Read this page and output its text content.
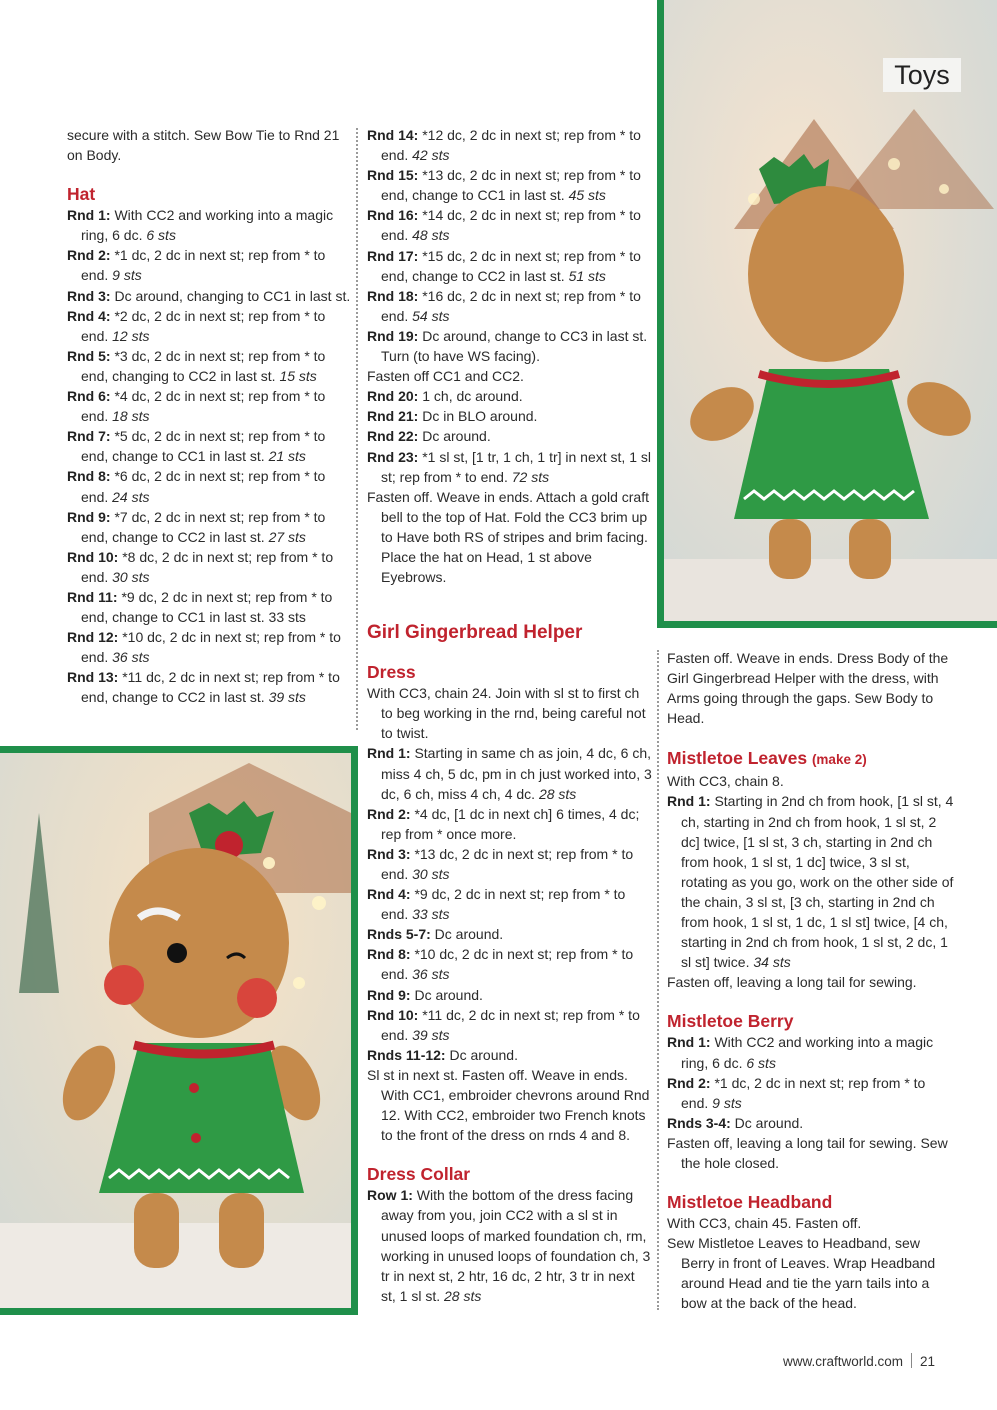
Toys

secure with a stitch. Sew Bow Tie to Rnd 21 on Body.

Hat

Rnd 1: With CC2 and working into a magic ring, 6 dc. 6 sts

Rnd 2: *1 dc, 2 dc in next st; rep from * to end. 9 sts

Rnd 3: Dc around, changing to CC1 in last st.

Rnd 4: *2 dc, 2 dc in next st; rep from * to end. 12 sts

Rnd 5: *3 dc, 2 dc in next st; rep from * to end, changing to CC2 in last st. 15 sts

Rnd 6: *4 dc, 2 dc in next st; rep from * to end. 18 sts

Rnd 7: *5 dc, 2 dc in next st; rep from * to end, change to CC1 in last st. 21 sts

Rnd 8: *6 dc, 2 dc in next st; rep from * to end. 24 sts

Rnd 9: *7 dc, 2 dc in next st; rep from * to end, change to CC2 in last st. 27 sts

Rnd 10: *8 dc, 2 dc in next st; rep from * to end. 30 sts

Rnd 11: *9 dc, 2 dc in next st; rep from * to end, change to CC1 in last st. 33 sts

Rnd 12: *10 dc, 2 dc in next st; rep from * to end. 36 sts

Rnd 13: *11 dc, 2 dc in next st; rep from * to end, change to CC2 in last st. 39 sts

Rnd 14: *12 dc, 2 dc in next st; rep from * to end. 42 sts

Rnd 15: *13 dc, 2 dc in next st; rep from * to end, change to CC1 in last st. 45 sts

Rnd 16: *14 dc, 2 dc in next st; rep from * to end. 48 sts

Rnd 17: *15 dc, 2 dc in next st; rep from * to end, change to CC2 in last st. 51 sts

Rnd 18: *16 dc, 2 dc in next st; rep from * to end. 54 sts

Rnd 19: Dc around, change to CC3 in last st. Turn (to have WS facing).

Fasten off CC1 and CC2.

Rnd 20: 1 ch, dc around.

Rnd 21: Dc in BLO around.

Rnd 22: Dc around.

Rnd 23: *1 sl st, [1 tr, 1 ch, 1 tr] in next st, 1 sl st; rep from * to end. 72 sts

Fasten off. Weave in ends. Attach a gold craft bell to the top of Hat. Fold the CC3 brim up to Have both RS of stripes and brim facing. Place the hat on Head, 1 st above Eyebrows.

Girl Gingerbread Helper

Dress

With CC3, chain 24. Join with sl st to first ch to beg working in the rnd, being careful not to twist.

Rnd 1: Starting in same ch as join, 4 dc, 6 ch, miss 4 ch, 5 dc, pm in ch just worked into, 3 dc, 6 ch, miss 4 ch, 4 dc. 28 sts

Rnd 2: *4 dc, [1 dc in next ch] 6 times, 4 dc; rep from * once more.

Rnd 3: *13 dc, 2 dc in next st; rep from * to end. 30 sts

Rnd 4: *9 dc, 2 dc in next st; rep from * to end. 33 sts

Rnds 5-7: Dc around.

Rnd 8: *10 dc, 2 dc in next st; rep from * to end. 36 sts

Rnd 9: Dc around.

Rnd 10: *11 dc, 2 dc in next st; rep from * to end. 39 sts

Rnds 11-12: Dc around.

Sl st in next st. Fasten off. Weave in ends. With CC1, embroider chevrons around Rnd 12. With CC2, embroider two French knots to the front of the dress on rnds 4 and 8.

Dress Collar

Row 1: With the bottom of the dress facing away from you, join CC2 with a sl st in unused loops of marked foundation ch, rm, working in unused loops of foundation ch, 3 tr in next st, 2 htr, 16 dc, 2 htr, 3 tr in next st, 1 sl st. 28 sts

Fasten off. Weave in ends. Dress Body of the Girl Gingerbread Helper with the dress, with Arms going through the gaps. Sew Body to Head.

Mistletoe Leaves (make 2)

With CC3, chain 8.

Rnd 1: Starting in 2nd ch from hook, [1 sl st, 4 ch, starting in 2nd ch from hook, 1 sl st, 2 dc] twice, [1 sl st, 3 ch, starting in 2nd ch from hook, 1 sl st, 1 dc] twice, 3 sl st, rotating as you go, work on the other side of the chain, 3 sl st, [3 ch, starting in 2nd ch from hook, 1 sl st, 1 dc, 1 sl st] twice, [4 ch, starting in 2nd ch from hook, 1 sl st, 2 dc, 1 sl st] twice. 34 sts

Fasten off, leaving a long tail for sewing.

Mistletoe Berry

Rnd 1: With CC2 and working into a magic ring, 6 dc. 6 sts

Rnd 2: *1 dc, 2 dc in next st; rep from * to end. 9 sts

Rnds 3-4: Dc around.

Fasten off, leaving a long tail for sewing. Sew the hole closed.

Mistletoe Headband

With CC3, chain 45. Fasten off.

Sew Mistletoe Leaves to Headband, sew Berry in front of Leaves. Wrap Headband around Head and tie the yarn tails into a bow at the back of the head.

www.craftworld.com 21
